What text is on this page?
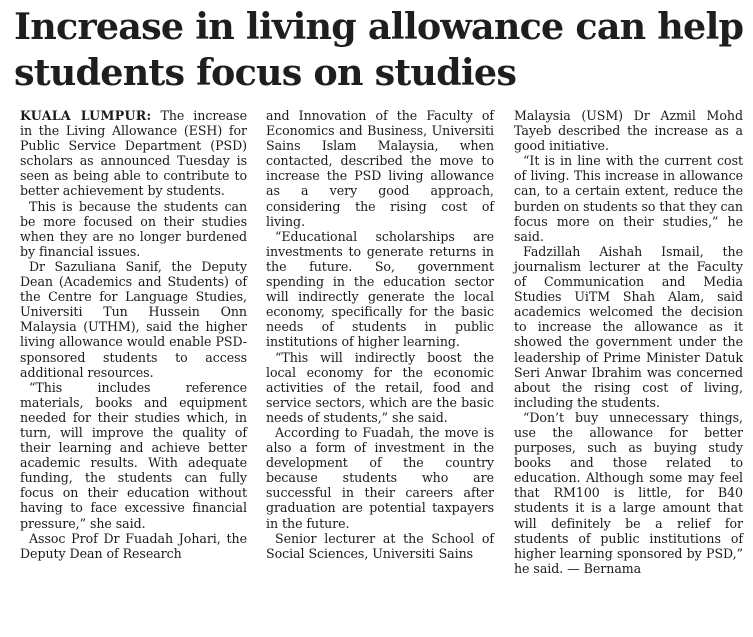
Increase in living allowance can help students focus on studies

KUALA LUMPUR: The increase in the Living Allowance (ESH) for Public Service Department (PSD) scholars as announced Tuesday is seen as being able to contribute to better achievement by students.

This is because the students can be more focused on their studies when they are no longer burdened by financial issues.

Dr Sazuliana Sanif, the Deputy Dean (Academics and Students) of the Centre for Language Studies, Universiti Tun Hussein Onn Malaysia (UTHM), said the higher living allowance would enable PSD-sponsored students to access additional resources.

“This includes reference materials, books and equipment needed for their studies which, in turn, will improve the quality of their learning and achieve better academic results. With adequate funding, the students can fully focus on their education without having to face excessive financial pressure,” she said.

Assoc Prof Dr Fuadah Johari, the Deputy Dean of Research

and Innovation of the Faculty of Economics and Business, Universiti Sains Islam Malaysia, when contacted, described the move to increase the PSD living allowance as a very good approach, considering the rising cost of living.

“Educational scholarships are investments to generate returns in the future. So, government spending in the education sector will indirectly generate the local economy, specifically for the basic needs of students in public institutions of higher learning.

“This will indirectly boost the local economy for the economic activities of the retail, food and service sectors, which are the basic needs of students,” she said.

According to Fuadah, the move is also a form of investment in the development of the country because students who are successful in their careers after graduation are potential taxpayers in the future.

Senior lecturer at the School of Social Sciences, Universiti Sains

Malaysia (USM) Dr Azmil Mohd Tayeb described the increase as a good initiative.

“It is in line with the current cost of living. This increase in allowance can, to a certain extent, reduce the burden on students so that they can focus more on their studies,” he said.

Fadzillah Aishah Ismail, the journalism lecturer at the Faculty of Communication and Media Studies UiTM Shah Alam, said academics welcomed the decision to increase the allowance as it showed the government under the leadership of Prime Minister Datuk Seri Anwar Ibrahim was concerned about the rising cost of living, including the students.

“Don’t buy unnecessary things, use the allowance for better purposes, such as buying study books and those related to education. Although some may feel that RM100 is little, for B40 students it is a large amount that will definitely be a relief for students of public institutions of higher learning sponsored by PSD,” he said. — Bernama
